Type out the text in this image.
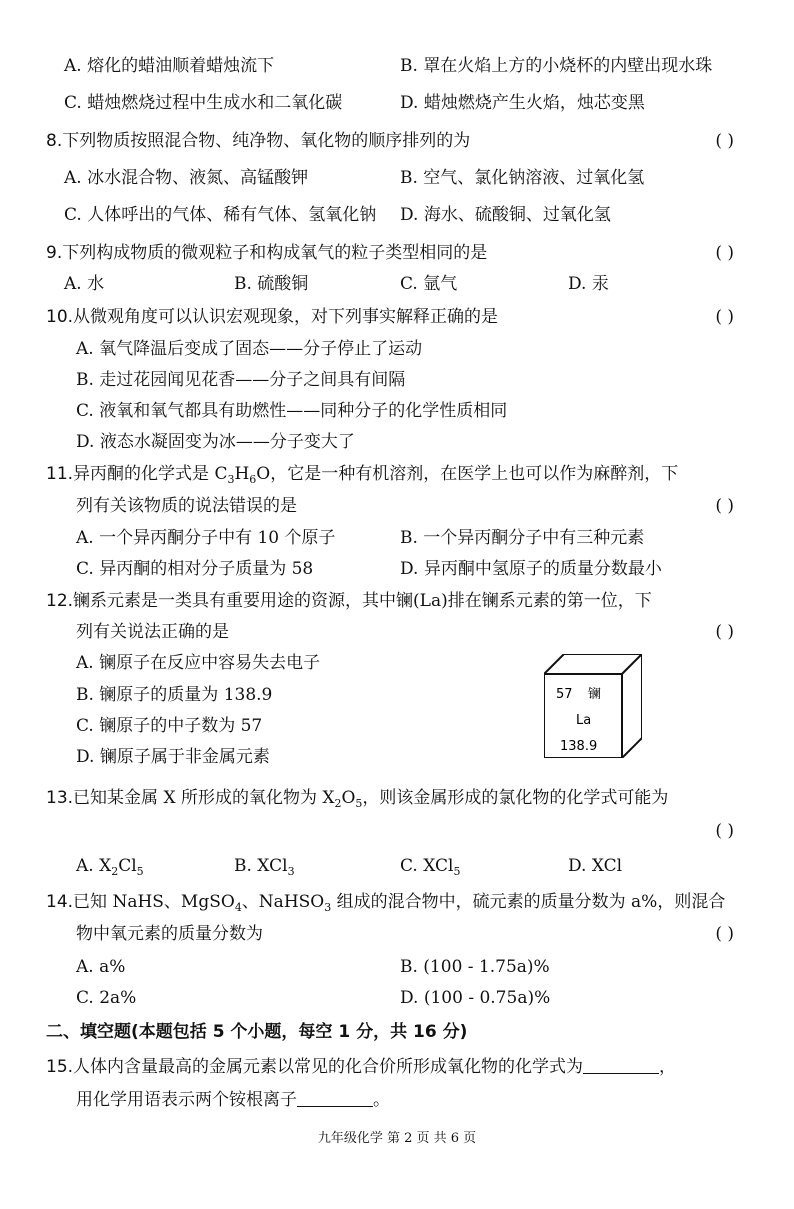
A. 熔化的蜡油顺着蜡烛流下	B. 罩在火焰上方的小烧杯的内壁出现水珠
C. 蜡烛燃烧过程中生成水和二氧化碳	D. 蜡烛燃烧产生火焰，烛芯变黑
8.下列物质按照混合物、纯净物、氧化物的顺序排列的为	( )
A. 冰水混合物、液氮、高锰酸钾	B. 空气、氯化钠溶液、过氧化氢
C. 人体呼出的气体、稀有气体、氢氧化钠 D. 海水、硫酸铜、过氧化氢
9.下列构成物质的微观粒子和构成氧气的粒子类型相同的是	( )
A. 水	B. 硫酸铜	C. 氩气	D. 汞
10.从微观角度可以认识宏观现象，对下列事实解释正确的是	( )
A. 氧气降温后变成了固态——分子停止了运动
B. 走过花园闻见花香——分子之间具有间隔
C. 液氧和氧气都具有助燃性——同种分子的化学性质相同
D. 液态水凝固变为冰——分子变大了
11.异丙酮的化学式是 $C_3H_6O$，它是一种有机溶剂，在医学上也可以作为麻醉剂，下
列有关该物质的说法错误的是	( )
A. 一个异丙酮分子中有 10 个原子	B. 一个异丙酮分子中有三种元素
C. 异丙酮的相对分子质量为 58	D. 异丙酮中氢原子的质量分数最小
12.镧系元素是一类具有重要用途的资源，其中镧(La)排在镧系元素的第一位，下
列有关说法正确的是	( )
A. 镧原子在反应中容易失去电子
B. 镧原子的质量为 138.9
C. 镧原子的中子数为 57
D. 镧原子属于非金属元素
57 镧
La
138.9
13.已知某金属 X 所形成的氧化物为 $X_2O_5$，则该金属形成的氯化物的化学式可能为
( )
A. $X_2Cl_5$	B. XCl$_3$	C. XCl$_5$	D. XCl
14.已知 NaHS、MgSO$_4$、NaHSO$_3$ 组成的混合物中，硫元素的质量分数为 a%，则混合
物中氧元素的质量分数为	( )
A. a%	B. (100 - 1.75a)%
C. 2a%	D. (100 - 0.75a)%
二、填空题(本题包括 5 个小题，每空 1 分，共 16 分)
15.人体内含量最高的金属元素以常见的化合价所形成氧化物的化学式为	，
用化学用语表示两个铵根离子	。
九年级化学 第 2 页 共 6 页
